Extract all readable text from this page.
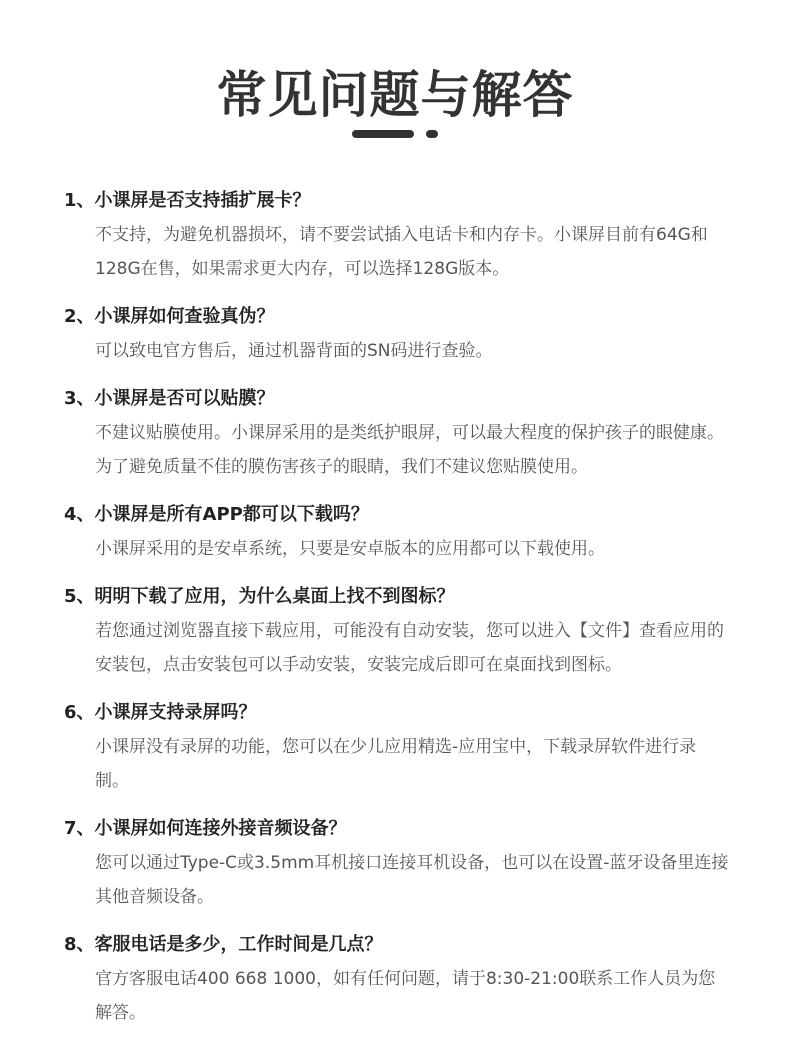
常见问题与解答
1、小课屏是否支持插扩展卡？
不支持，为避免机器损坏，请不要尝试插入电话卡和内存卡。小课屏目前有64G和128G在售，如果需求更大内存，可以选择128G版本。
2、小课屏如何查验真伪？
可以致电官方售后，通过机器背面的SN码进行查验。
3、小课屏是否可以贴膜？
不建议贴膜使用。小课屏采用的是类纸护眼屏，可以最大程度的保护孩子的眼健康。为了避免质量不佳的膜伤害孩子的眼睛，我们不建议您贴膜使用。
4、小课屏是所有APP都可以下载吗？
小课屏采用的是安卓系统，只要是安卓版本的应用都可以下载使用。
5、明明下载了应用，为什么桌面上找不到图标？
若您通过浏览器直接下载应用，可能没有自动安装，您可以进入【文件】查看应用的安装包，点击安装包可以手动安装，安装完成后即可在桌面找到图标。
6、小课屏支持录屏吗？
小课屏没有录屏的功能，您可以在少儿应用精选-应用宝中，下载录屏软件进行录制。
7、小课屏如何连接外接音频设备？
您可以通过Type-C或3.5mm耳机接口连接耳机设备，也可以在设置-蓝牙设备里连接其他音频设备。
8、客服电话是多少，工作时间是几点？
官方客服电话400 668 1000，如有任何问题，请于8:30-21:00联系工作人员为您解答。
